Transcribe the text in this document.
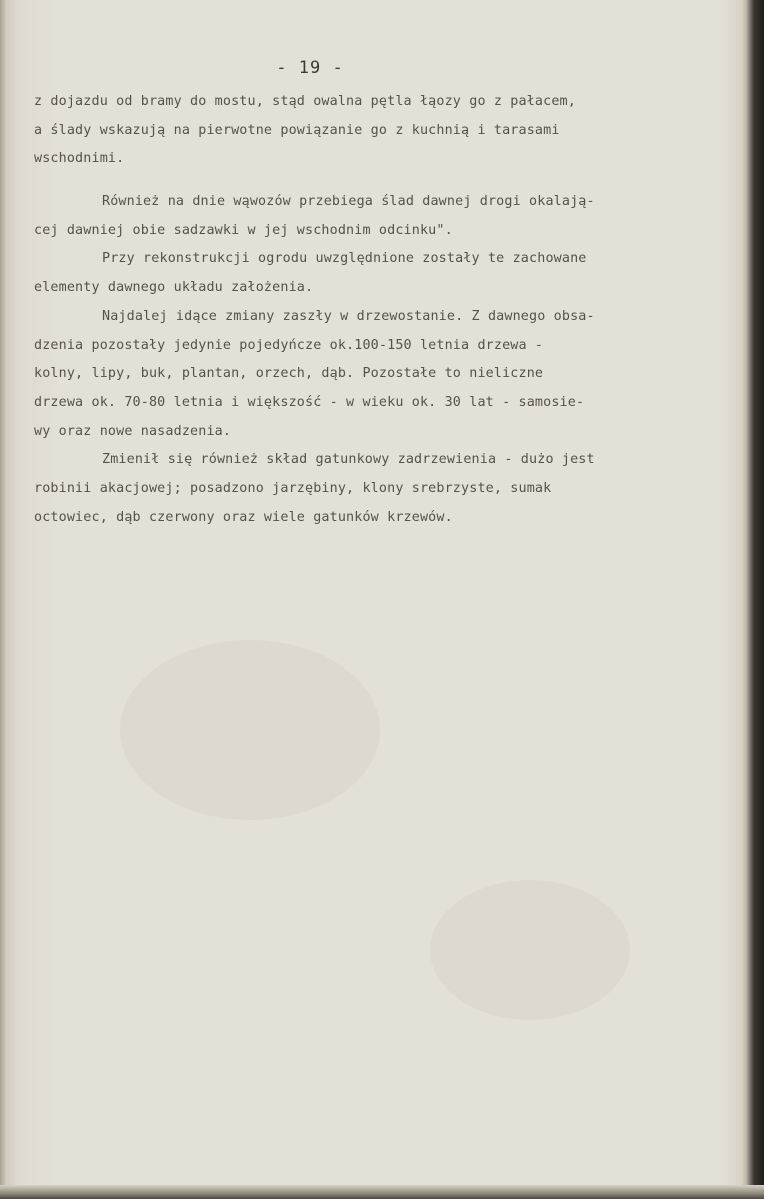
- 19 -

z dojazdu od bramy do mostu, stąd owalna pętla łąozy go z pałacem,

a ślady wskazują na pierwotne powiązanie go z kuchnią i tarasami

wschodnimi.

Również na dnie wąwozów przebiega ślad dawnej drogi okalają-

cej dawniej obie sadzawki w jej wschodnim odcinku".

Przy rekonstrukcji ogrodu uwzględnione zostały te zachowane

elementy dawnego układu założenia.

Najdalej idące zmiany zaszły w drzewostanie. Z dawnego obsa-

dzenia pozostały jedynie pojedyńcze ok.100-150 letnia drzewa -

kolny, lipy, buk, plantan, orzech, dąb. Pozostałe to nieliczne

drzewa ok. 70-80 letnia i większość - w wieku ok. 30 lat - samosie-

wy oraz nowe nasadzenia.

Zmienił się również skład gatunkowy zadrzewienia - dużo jest

robinii akacjowej; posadzono jarzębiny, klony srebrzyste, sumak

octowiec, dąb czerwony oraz wiele gatunków krzewów.
